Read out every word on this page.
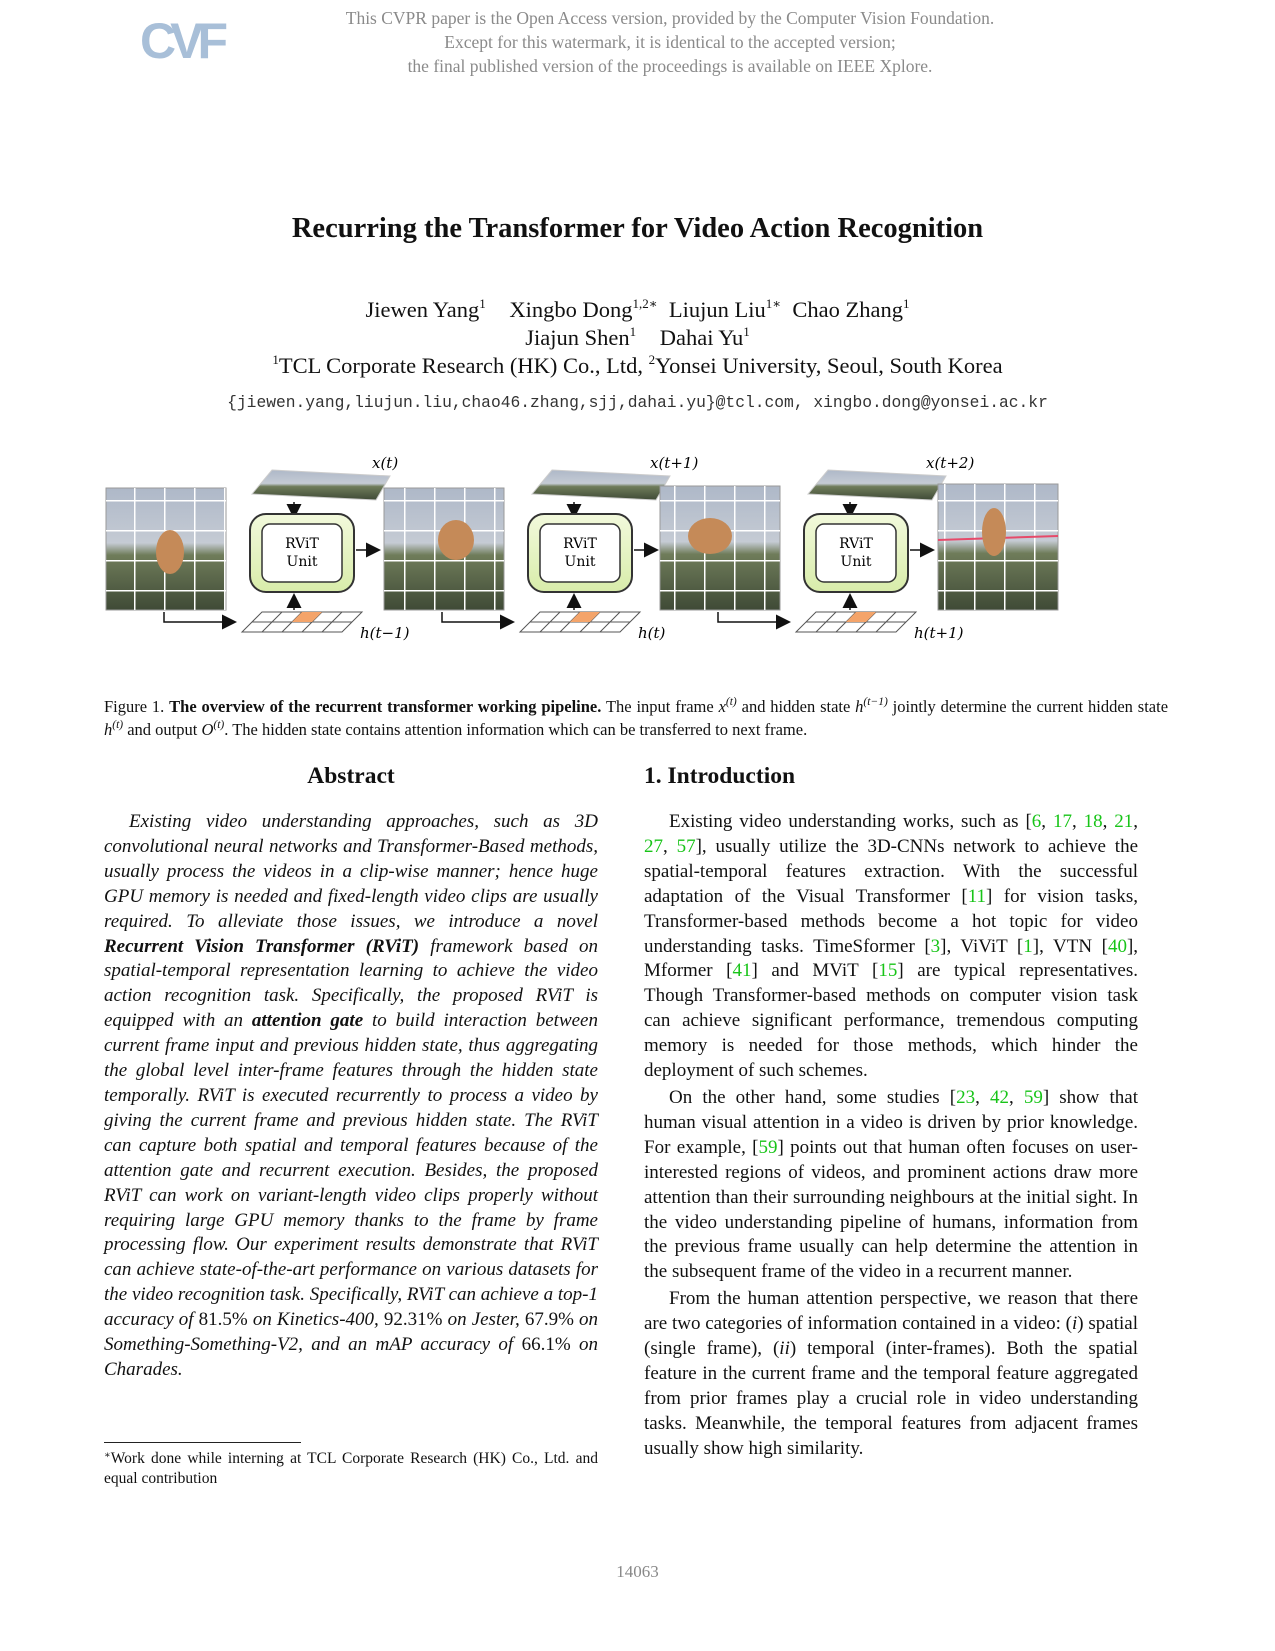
CVF	This CVPR paper is the Open Access version, provided by the Computer Vision Foundation.
Except for this watermark, it is identical to the accepted version;
the final published version of the proceedings is available on IEEE Xplore.
Recurring the Transformer for Video Action Recognition
Jiewen Yang$^1$ Xingbo Dong$^{1,2∗}$ Liujun Liu$^{1∗}$ Chao Zhang$^1$
Jiajun Shen$^1$ Dahai Yu$^1$
$^1$TCL Corporate Research (HK) Co., Ltd, $^2$Yonsei University, Seoul, South Korea
{jiewen.yang,liujun.liu,chao46.zhang,sjj,dahai.yu}@tcl.com, xingbo.dong@yonsei.ac.kr
x(t)
RViT
Unit
h(t−1)
x(t+1)
RViT
Unit
h(t)
x(t+2)
RViT
Unit
h(t+1)
Figure 1. The overview of the recurrent transformer working pipeline. The input frame $x^{(t)}$ and hidden state $h^{(t-1)}$ jointly determine the current hidden state $h^{(t)}$ and output $O^{(t)}$. The hidden state contains attention information which can be transferred to next frame.
Abstract

Existing video understanding approaches, such as 3D convolutional neural networks and Transformer-Based methods, usually process the videos in a clip-wise manner; hence huge GPU memory is needed and fixed-length video clips are usually required. To alleviate those issues, we introduce a novel Recurrent Vision Transformer (RViT) framework based on spatial-temporal representation learning to achieve the video action recognition task. Specifically, the proposed RViT is equipped with an attention gate to build interaction between current frame input and previous hidden state, thus aggregating the global level inter-frame features through the hidden state temporally. RViT is executed recurrently to process a video by giving the current frame and previous hidden state. The RViT can capture both spatial and temporal features because of the attention gate and recurrent execution. Besides, the proposed RViT can work on variant-length video clips properly without requiring large GPU memory thanks to the frame by frame processing flow. Our experiment results demonstrate that RViT can achieve state-of-the-art performance on various datasets for the video recognition task. Specifically, RViT can achieve a top-1 accuracy of 81.5% on Kinetics-400, 92.31% on Jester, 67.9% on Something-Something-V2, and an mAP accuracy of 66.1% on Charades.

∗Work done while interning at TCL Corporate Research (HK) Co., Ltd. and equal contribution
1. Introduction

Existing video understanding works, such as [6, 17, 18, 21, 27, 57], usually utilize the 3D-CNNs network to achieve the spatial-temporal features extraction. With the successful adaptation of the Visual Transformer [11] for vision tasks, Transformer-based methods become a hot topic for video understanding tasks. TimeSformer [3], ViViT [1], VTN [40], Mformer [41] and MViT [15] are typical representatives. Though Transformer-based methods on computer vision task can achieve significant performance, tremendous computing memory is needed for those methods, which hinder the deployment of such schemes.

On the other hand, some studies [23, 42, 59] show that human visual attention in a video is driven by prior knowledge. For example, [59] points out that human often focuses on user-interested regions of videos, and prominent actions draw more attention than their surrounding neighbours at the initial sight. In the video understanding pipeline of humans, information from the previous frame usually can help determine the attention in the subsequent frame of the video in a recurrent manner.

From the human attention perspective, we reason that there are two categories of information contained in a video: (i) spatial (single frame), (ii) temporal (inter-frames). Both the spatial feature in the current frame and the temporal feature aggregated from prior frames play a crucial role in video understanding tasks. Meanwhile, the temporal features from adjacent frames usually show high similarity.

14063
